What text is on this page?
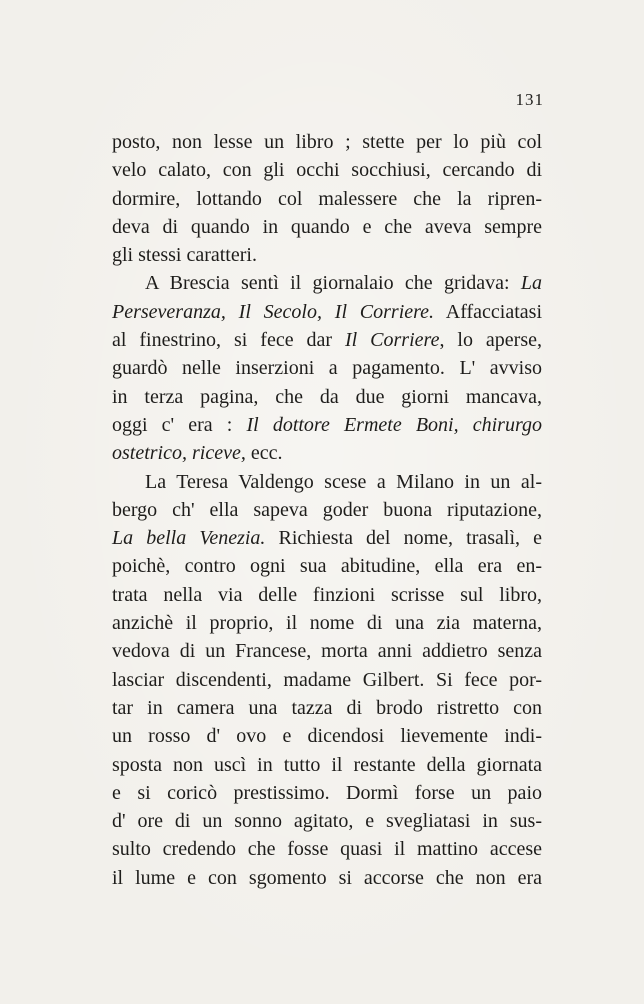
131
posto, non lesse un libro ; stette per lo più col
velo calato, con gli occhi socchiusi, cercando di
dormire, lottando col malessere che la ripren-
deva di quando in quando e che aveva sempre
gli stessi caratteri.
A Brescia sentì il giornalaio che gridava: La
Perseveranza, Il Secolo, Il Corriere. Affacciatasi
al finestrino, si fece dar Il Corriere, lo aperse,
guardò nelle inserzioni a pagamento. L' avviso
in terza pagina, che da due giorni mancava,
oggi c' era : Il dottore Ermete Boni, chirurgo
ostetrico, riceve, ecc.
La Teresa Valdengo scese a Milano in un al-
bergo ch' ella sapeva goder buona riputazione,
La bella Venezia. Richiesta del nome, trasalì, e
poichè, contro ogni sua abitudine, ella era en-
trata nella via delle finzioni scrisse sul libro,
anzichè il proprio, il nome di una zia materna,
vedova di un Francese, morta anni addietro senza
lasciar discendenti, madame Gilbert. Si fece por-
tar in camera una tazza di brodo ristretto con
un rosso d' ovo e dicendosi lievemente indi-
sposta non uscì in tutto il restante della giornata
e si coricò prestissimo. Dormì forse un paio
d' ore di un sonno agitato, e svegliatasi in sus-
sulto credendo che fosse quasi il mattino accese
il lume e con sgomento si accorse che non era
